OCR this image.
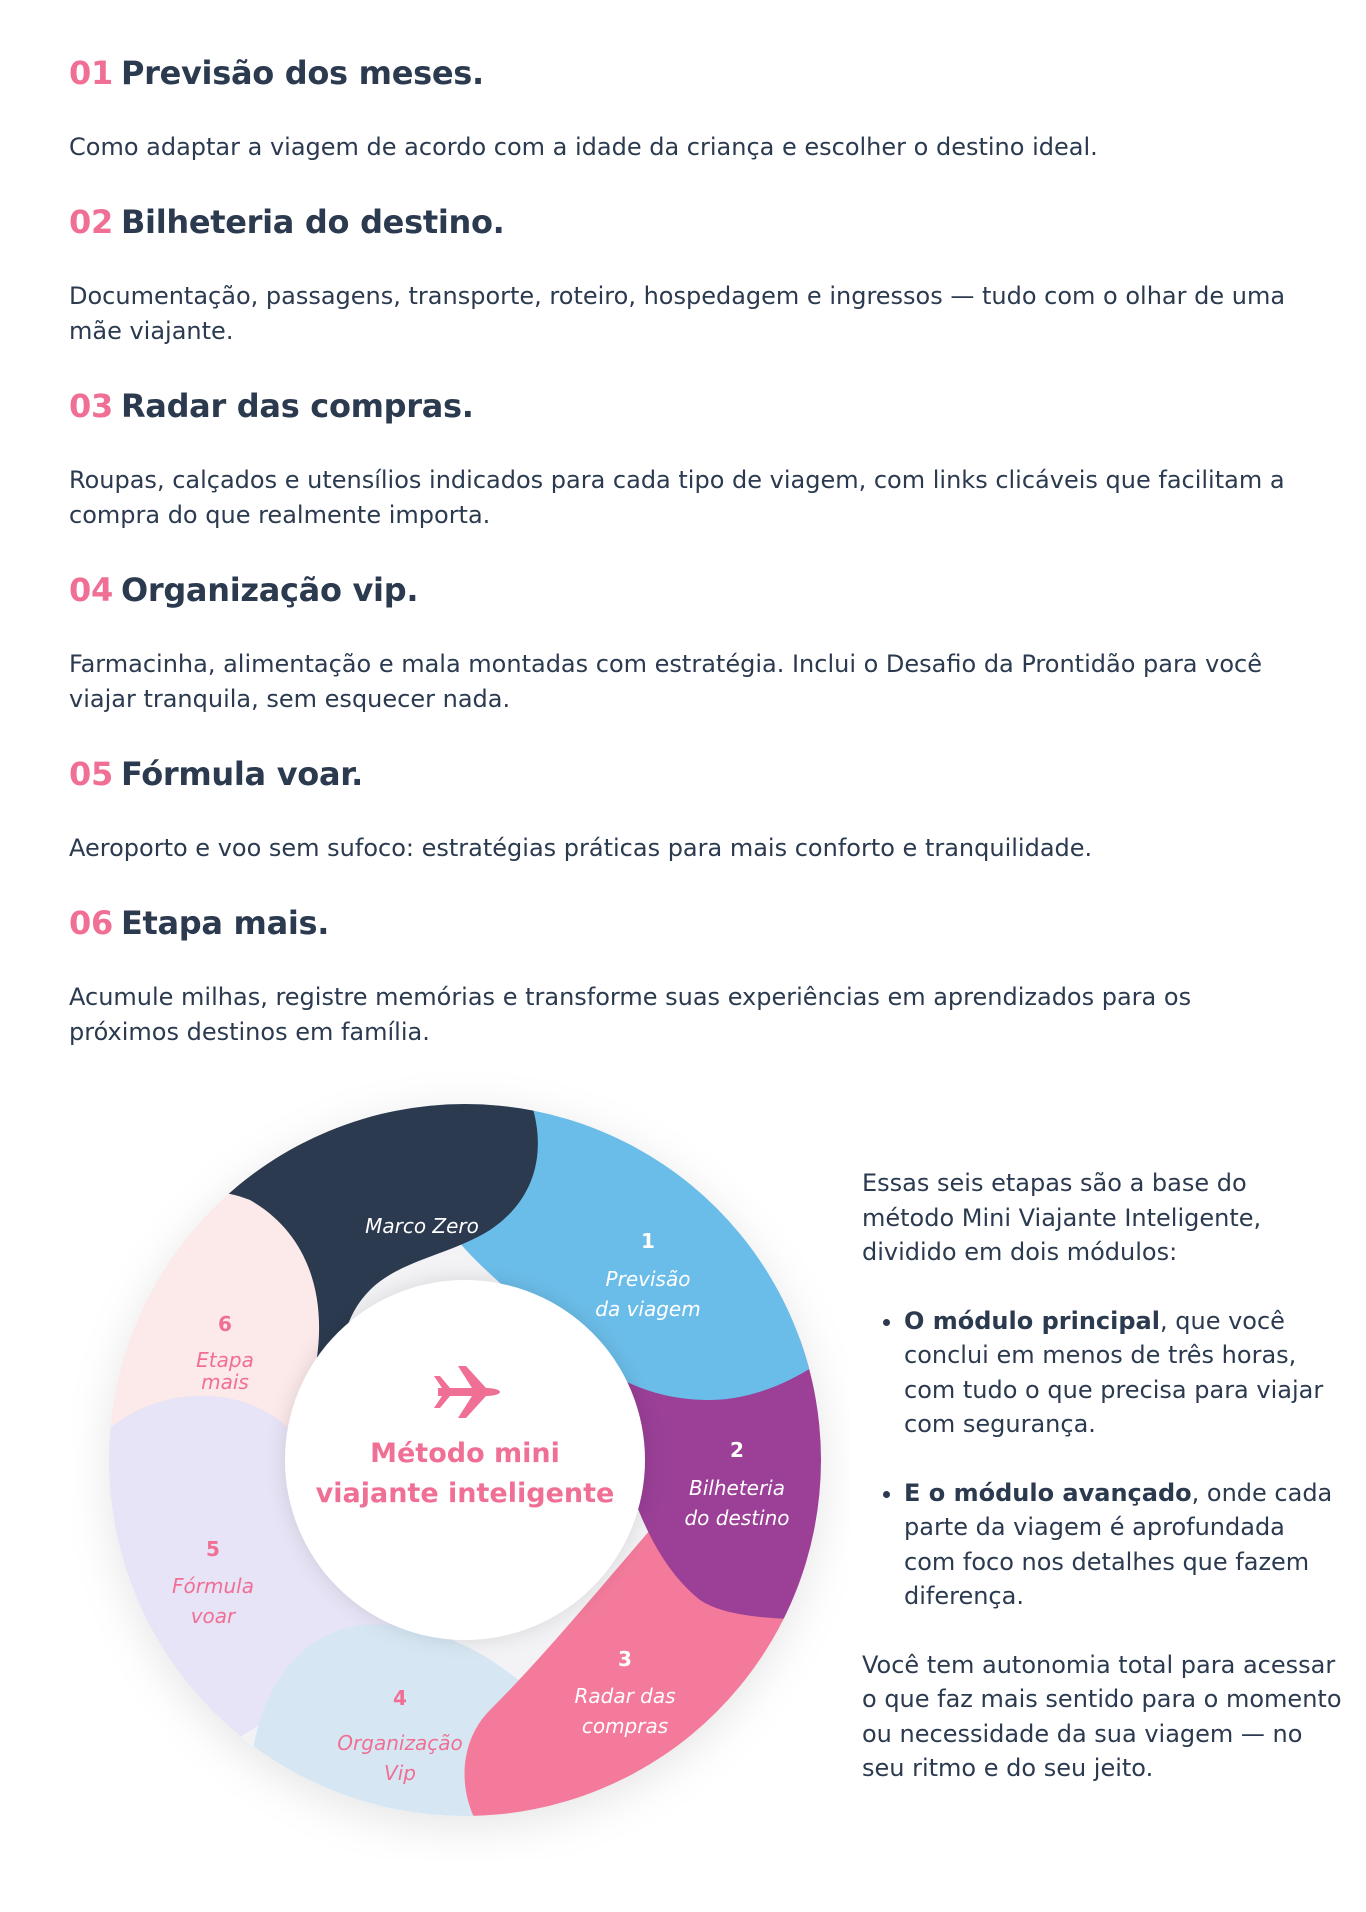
01 Previsão dos meses.

Como adaptar a viagem de acordo com a idade da criança e escolher o destino ideal.

02 Bilheteria do destino.

Documentação, passagens, transporte, roteiro, hospedagem e ingressos — tudo com o olhar de uma mãe viajante.

03 Radar das compras.

Roupas, calçados e utensílios indicados para cada tipo de viagem, com links clicáveis que facilitam a compra do que realmente importa.

04 Organização vip.

Farmacinha, alimentação e mala montadas com estratégia. Inclui o Desafio da Prontidão para você viajar tranquila, sem esquecer nada.

05 Fórmula voar.

Aeroporto e voo sem sufoco: estratégias práticas para mais conforto e tranquilidade.

06 Etapa mais.

Acumule milhas, registre memórias e transforme suas experiências em aprendizados para os próximos destinos em família.

Método mini
viajante inteligente
Marco Zero
1
Previsão
da viagem
2
Bilheteria
do destino
3
Radar das
compras
4
Organização
Vip
5
Fórmula
voar
6
Etapa
mais

Essas seis etapas são a base do método Mini Viajante Inteligente, dividido em dois módulos:

• O módulo principal, que você conclui em menos de três horas, com tudo o que precisa para viajar com segurança.
• E o módulo avançado, onde cada parte da viagem é aprofundada com foco nos detalhes que fazem diferença.

Você tem autonomia total para acessar o que faz mais sentido para o momento ou necessidade da sua viagem — no seu ritmo e do seu jeito.
